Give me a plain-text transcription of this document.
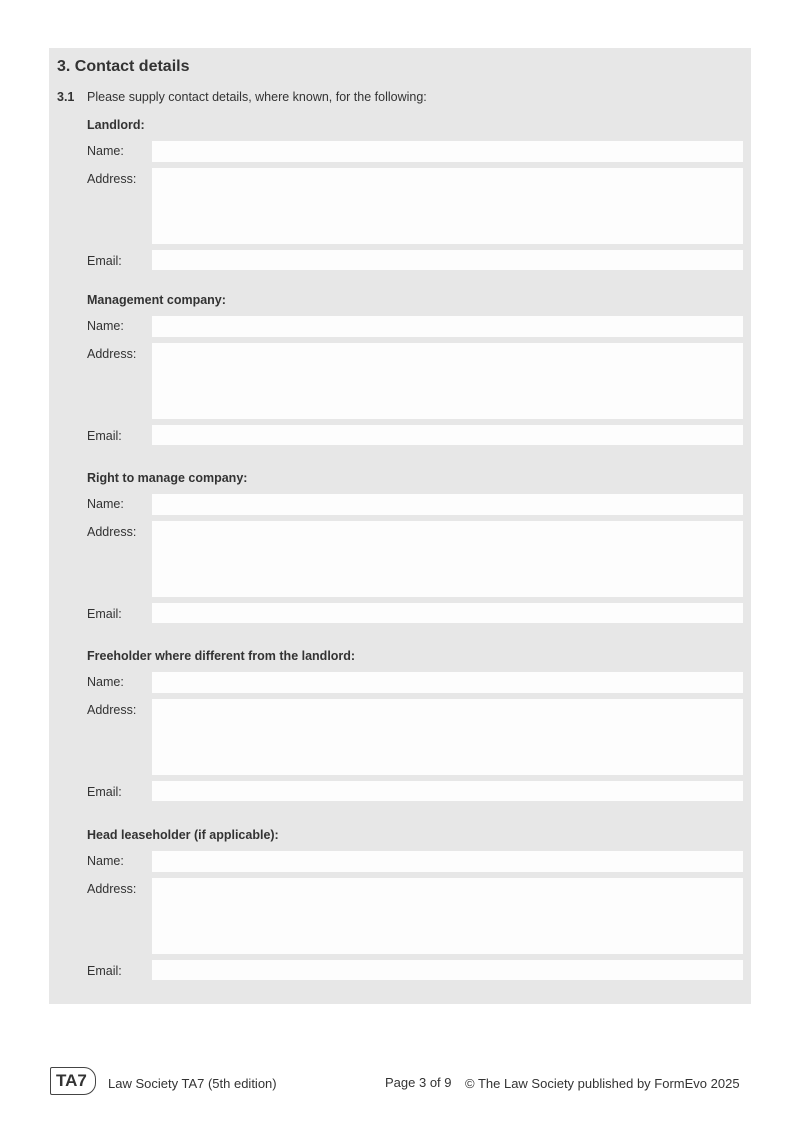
3. Contact details
3.1 Please supply contact details, where known, for the following:
Landlord:
Name:
Address:
Email:
Management company:
Name:
Address:
Email:
Right to manage company:
Name:
Address:
Email:
Freeholder where different from the landlord:
Name:
Address:
Email:
Head leaseholder (if applicable):
Name:
Address:
Email:
TA7	Law Society TA7 (5th edition)	Page 3 of 9 © The Law Society published by FormEvo 2025
